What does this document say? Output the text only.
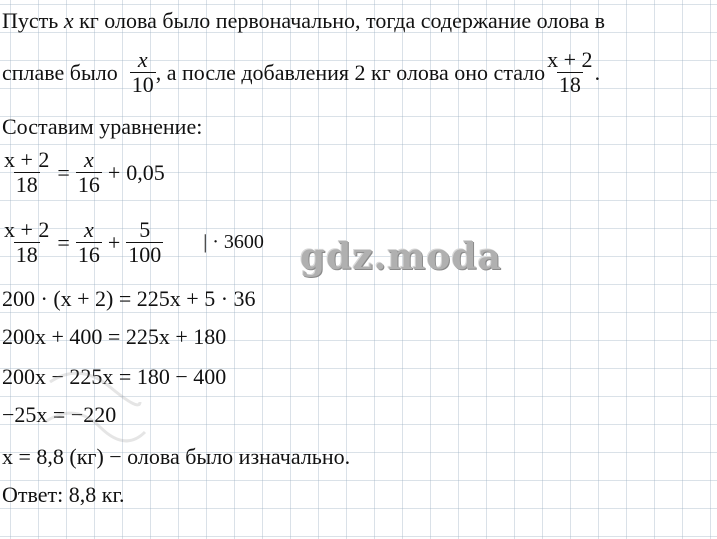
Пусть x кг олова было первоначально, тогда содержание олова в
сплаве было $\frac{x}{10}$ , а после добавления 2 кг олова оно стало $\frac{x + 2}{18}$ .
Составим уравнение:
$\frac{x + 2}{18} = \frac{x}{16} + 0,05$
$\frac{x + 2}{18} = \frac{x}{16} + \frac{5}{100}$ | · 3600
200 · (x + 2) = 225x + 5 · 36
200x + 400 = 225x + 180
200x − 225x = 180 − 400
−25x = −220
x = 8,8 (кг) − олова было изначально.
Ответ: 8,8 кг.
gdz.moda
